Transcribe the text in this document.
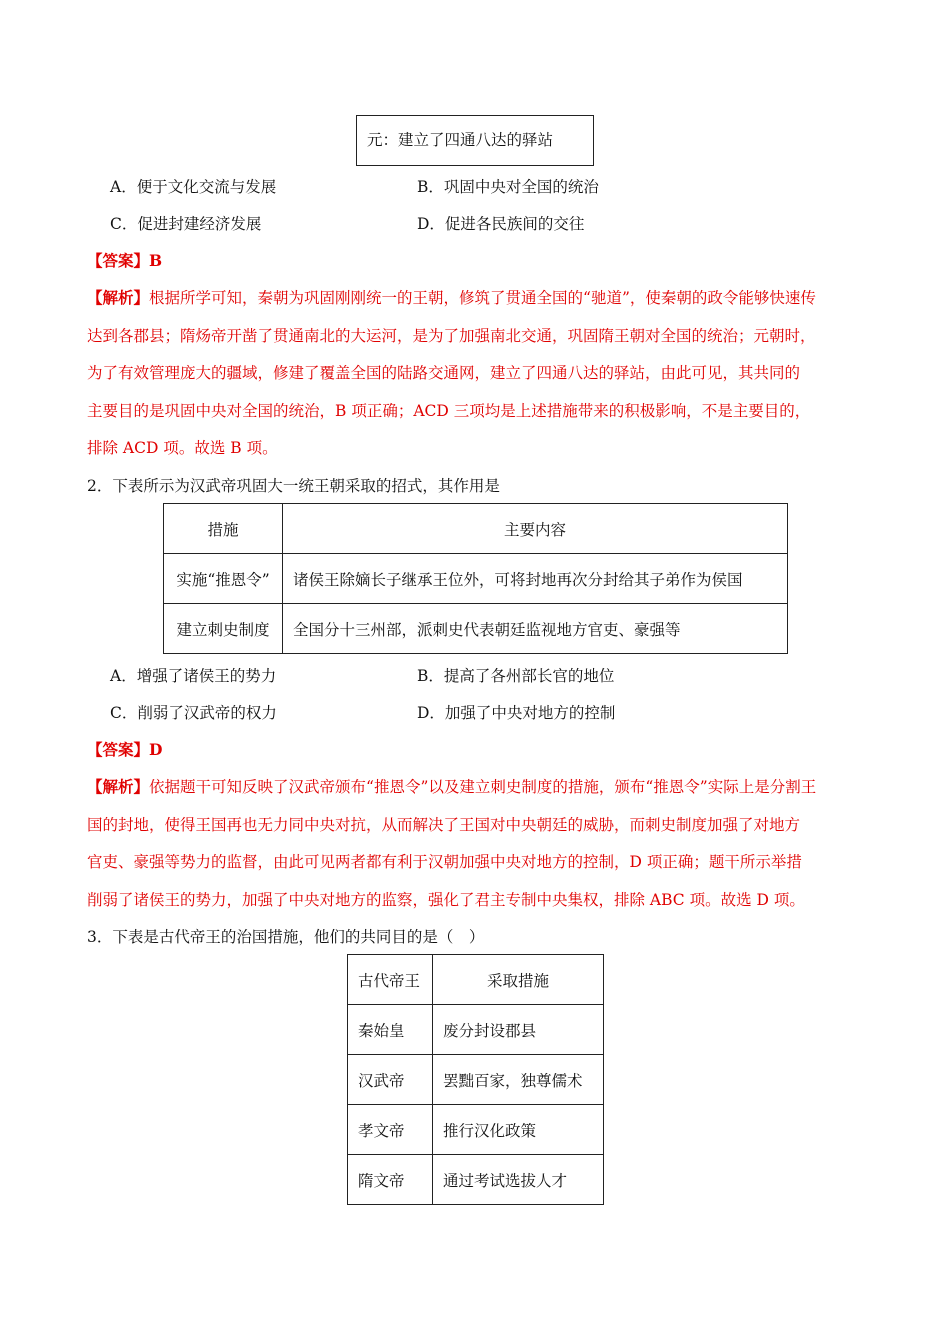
元：建立了四通八达的驿站
A．便于文化交流与发展	B．巩固中央对全国的统治
C．促进封建经济发展	D．促进各民族间的交往
【答案】B
【解析】根据所学可知，秦朝为巩固刚刚统一的王朝，修筑了贯通全国的“驰道”，使秦朝的政令能够快速传
达到各郡县；隋炀帝开凿了贯通南北的大运河，是为了加强南北交通，巩固隋王朝对全国的统治；元朝时，
为了有效管理庞大的疆域，修建了覆盖全国的陆路交通网，建立了四通八达的驿站，由此可见，其共同的
主要目的是巩固中央对全国的统治，B 项正确；ACD 三项均是上述措施带来的积极影响，不是主要目的，
排除 ACD 项。故选 B 项。
2．下表所示为汉武帝巩固大一统王朝采取的招式，其作用是
措施	主要内容
实施“推恩令”	诸侯王除嫡长子继承王位外，可将封地再次分封给其子弟作为侯国
建立刺史制度	全国分十三州部，派刺史代表朝廷监视地方官吏、豪强等
A．增强了诸侯王的势力	B．提高了各州部长官的地位
C．削弱了汉武帝的权力	D．加强了中央对地方的控制
【答案】D
【解析】依据题干可知反映了汉武帝颁布“推恩令”以及建立刺史制度的措施，颁布“推恩令”实际上是分割王
国的封地，使得王国再也无力同中央对抗，从而解决了王国对中央朝廷的威胁，而刺史制度加强了对地方
官吏、豪强等势力的监督，由此可见两者都有利于汉朝加强中央对地方的控制，D 项正确；题干所示举措
削弱了诸侯王的势力，加强了中央对地方的监察，强化了君主专制中央集权，排除 ABC 项。故选 D 项。
3．下表是古代帝王的治国措施，他们的共同目的是（　）
古代帝王	采取措施
秦始皇	废分封设郡县
汉武帝	罢黜百家，独尊儒术
孝文帝	推行汉化政策
隋文帝	通过考试选拔人才
